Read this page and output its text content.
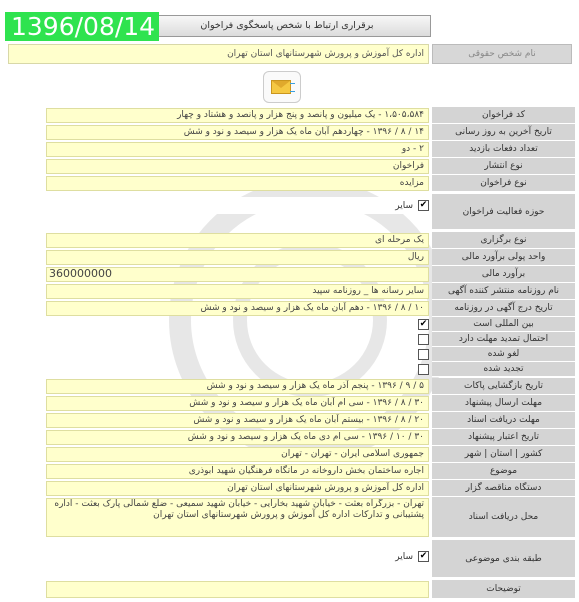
1396/08/14	برقراری ارتباط با شخص پاسخگوی فراخوان
نام شخص حقوقی
اداره کل آموزش و پرورش شهرستانهای استان تهران
کد فراخوان
۱،۵۰۵،۵۸۴ - یک میلیون و پانصد و پنج هزار و پانصد و هشتاد و چهار
تاریخ آخرین به روز رسانی
۱۴ / ۸ / ۱۳۹۶ - چهاردهم آبان ماه یک هزار و سیصد و نود و شش
تعداد دفعات بازدید
۲ - دو
نوع انتشار
فراخوان
نوع فراخوان
مزایده
حوزه فعالیت فراخوان
✔
سایر
نوع برگزاری
یک مرحله ای
واحد پولی برآورد مالی
ریال
برآورد مالی
360000000
نام روزنامه منتشر کننده آگهی
سایر رسانه ها _ روزنامه سپید
تاریخ درج آگهی در روزنامه
۱۰ / ۸ / ۱۳۹۶ - دهم آبان ماه یک هزار و سیصد و نود و شش
بین المللی است
✔
احتمال تمدید مهلت دارد
لغو شده
تجدید شده
تاریخ بازگشایی پاکات
۵ / ۹ / ۱۳۹۶ - پنجم آذر ماه یک هزار و سیصد و نود و شش
مهلت ارسال پیشنهاد
۳۰ / ۸ / ۱۳۹۶ - سی ام آبان ماه یک هزار و سیصد و نود و شش
مهلت دریافت اسناد
۲۰ / ۸ / ۱۳۹۶ - بیستم آبان ماه یک هزار و سیصد و نود و شش
تاریخ اعتبار پیشنهاد
۳۰ / ۱۰ / ۱۳۹۶ - سی ام دی ماه یک هزار و سیصد و نود و شش
کشور | استان | شهر
جمهوری اسلامی ایران - تهران - تهران
موضوع
اجاره ساختمان بخش داروخانه در ماتگاه فرهنگیان شهید ابوذری
دستگاه مناقصه گزار
اداره کل آموزش و پرورش شهرستانهای استان تهران
محل دریافت اسناد
تهران - بزرگراه بعثت - خیابان شهید بخارایی - خیابان شهید سمیعی - ضلع شمالی پارک بعثت - اداره پشتیبانی و تدارکات اداره کل آموزش و پرورش شهرستانهای استان تهران
طبقه بندی موضوعی
✔
سایر
توضیحات
